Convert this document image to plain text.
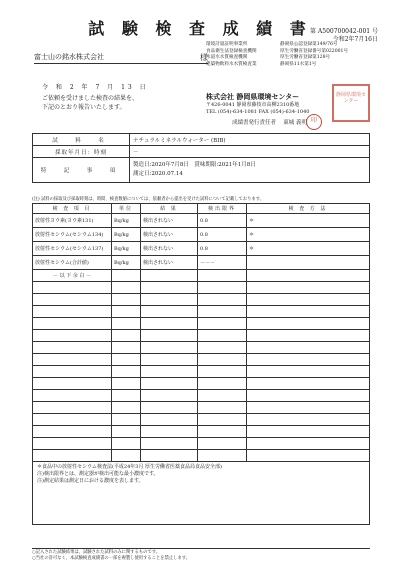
試 験 検 査 成 績 書
第 A500700042-001 号
令和2年7月16日
富士山の銘水株式会社	様
令 和 2 年 7 月 13 日
ご依頼を受けました検査の結果を、
下記のとおり報告いたします。
環境計量証明事業所	静岡県公認登録第149/76号
食品衛生法登録検査機関	厚生労働省登録番号第022001号
水道水水質検査機関	厚生労働省登録第128号
建築物飲料水水質検査業	静岡県11水第1号
株式会社 静岡県環境センター
〒426-0041 静岡県藤枝市高柳2310番地
TEL (054)-634-1081 FAX (054)-634-1040
成績書発行責任者　 東城 義明
静岡県環境センター
印
試　料　名	ナチュラルミネラルウォーター (BIB)
採取年月日：時刻	－
特　記　事　項	製造日:2020年7月8日　賞味期限:2021年1月8日
測定日:2020.07.14
(注) 試料の採取及び採取時刻は、時間、検査数値については、依頼者から提出を受けた試料について記載しております。
検 査 項 目	単位	結 果	検出限界	検 査 方 法
放射性ヨウ素(ヨウ素131)	Bq/kg	検出されない	0.8	＊
放射性セシウム(セシウム134)	Bq/kg	検出されない	0.8	＊
放射性セシウム(セシウム137)	Bq/kg	検出されない	0.8	＊
放射性セシウム(合計値)	Bq/kg	検出されない	－－－	
－ 以 下 余 白 －				

＊食品中の放射性セシウム検査法(平成24年3月 厚生労働省医薬食品局食品安全部)
注)検出限界とは、測定器が検出可能な最小濃度です。
注)測定結果は測定日における濃度を表します。				
○記入された試験結果は、試験された試料のみに関するものです。
○当社の許可なく、本試験検査成績書の一部を複製し使用することを禁止します。
